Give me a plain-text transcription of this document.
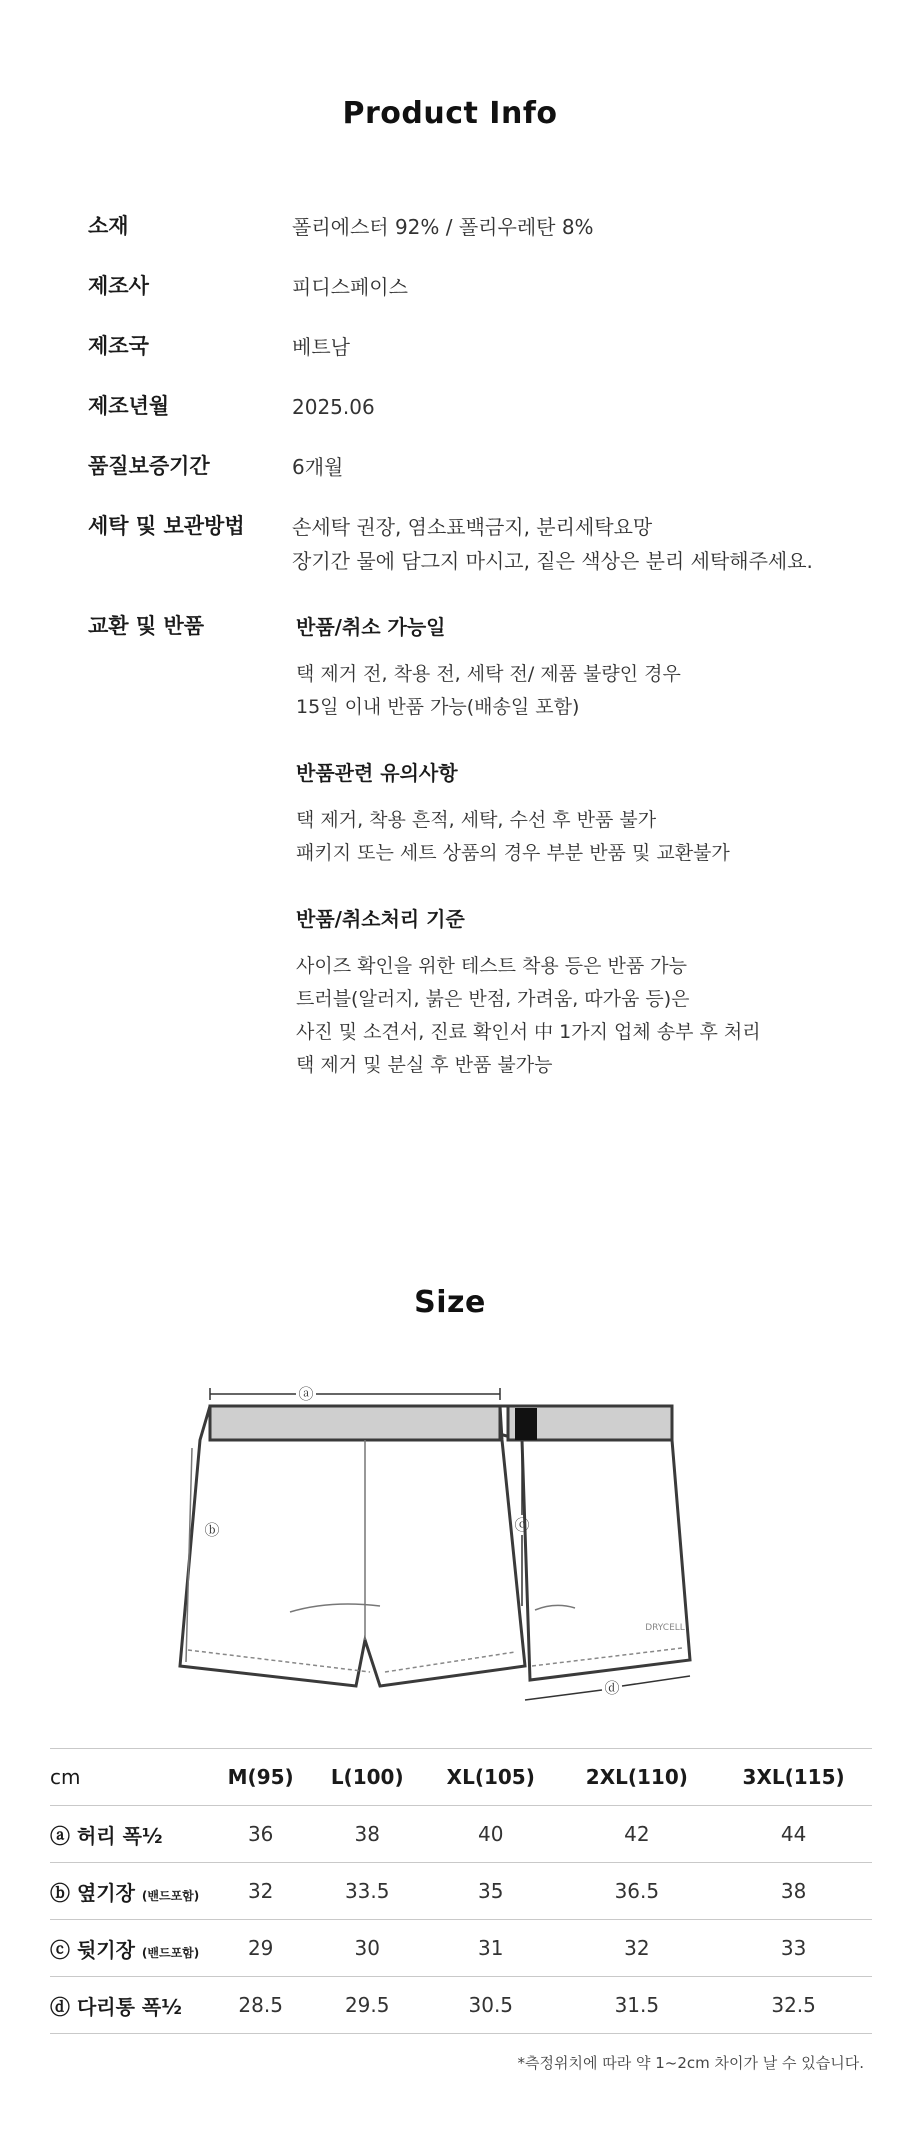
Product Info
소재	폴리에스터 92% / 폴리우레탄 8%
제조사	피디스페이스
제조국	베트남
제조년월	2025.06
품질보증기간	6개월
세탁 및 보관방법	손세탁 권장, 염소표백금지, 분리세탁요망
장기간 물에 담그지 마시고, 짙은 색상은 분리 세탁해주세요.
교환 및 반품	반품/취소 가능일
택 제거 전, 착용 전, 세탁 전/ 제품 불량인 경우
15일 이내 반품 가능(배송일 포함)
반품관련 유의사항
택 제거, 착용 흔적, 세탁, 수선 후 반품 불가
패키지 또는 세트 상품의 경우 부분 반품 및 교환불가
반품/취소처리 기준
사이즈 확인을 위한 테스트 착용 등은 반품 가능
트러블(알러지, 붉은 반점, 가려움, 따가움 등)은
사진 및 소견서, 진료 확인서 中 1가지 업체 송부 후 처리
택 제거 및 분실 후 반품 불가능
Size
ⓐ
ⓑ	ⓒ
ⓓ
DRYCELL
cm	M(95)	L(100)	XL(105)	2XL(110)	3XL(115)
ⓐ 허리 폭½	36	38	40	42	44
ⓑ 옆기장 (밴드포함)	32	33.5	35	36.5	38
ⓒ 뒷기장 (밴드포함)	29	30	31	32	33
ⓓ 다리통 폭½	28.5	29.5	30.5	31.5	32.5
*측정위치에 따라 약 1~2cm 차이가 날 수 있습니다.
